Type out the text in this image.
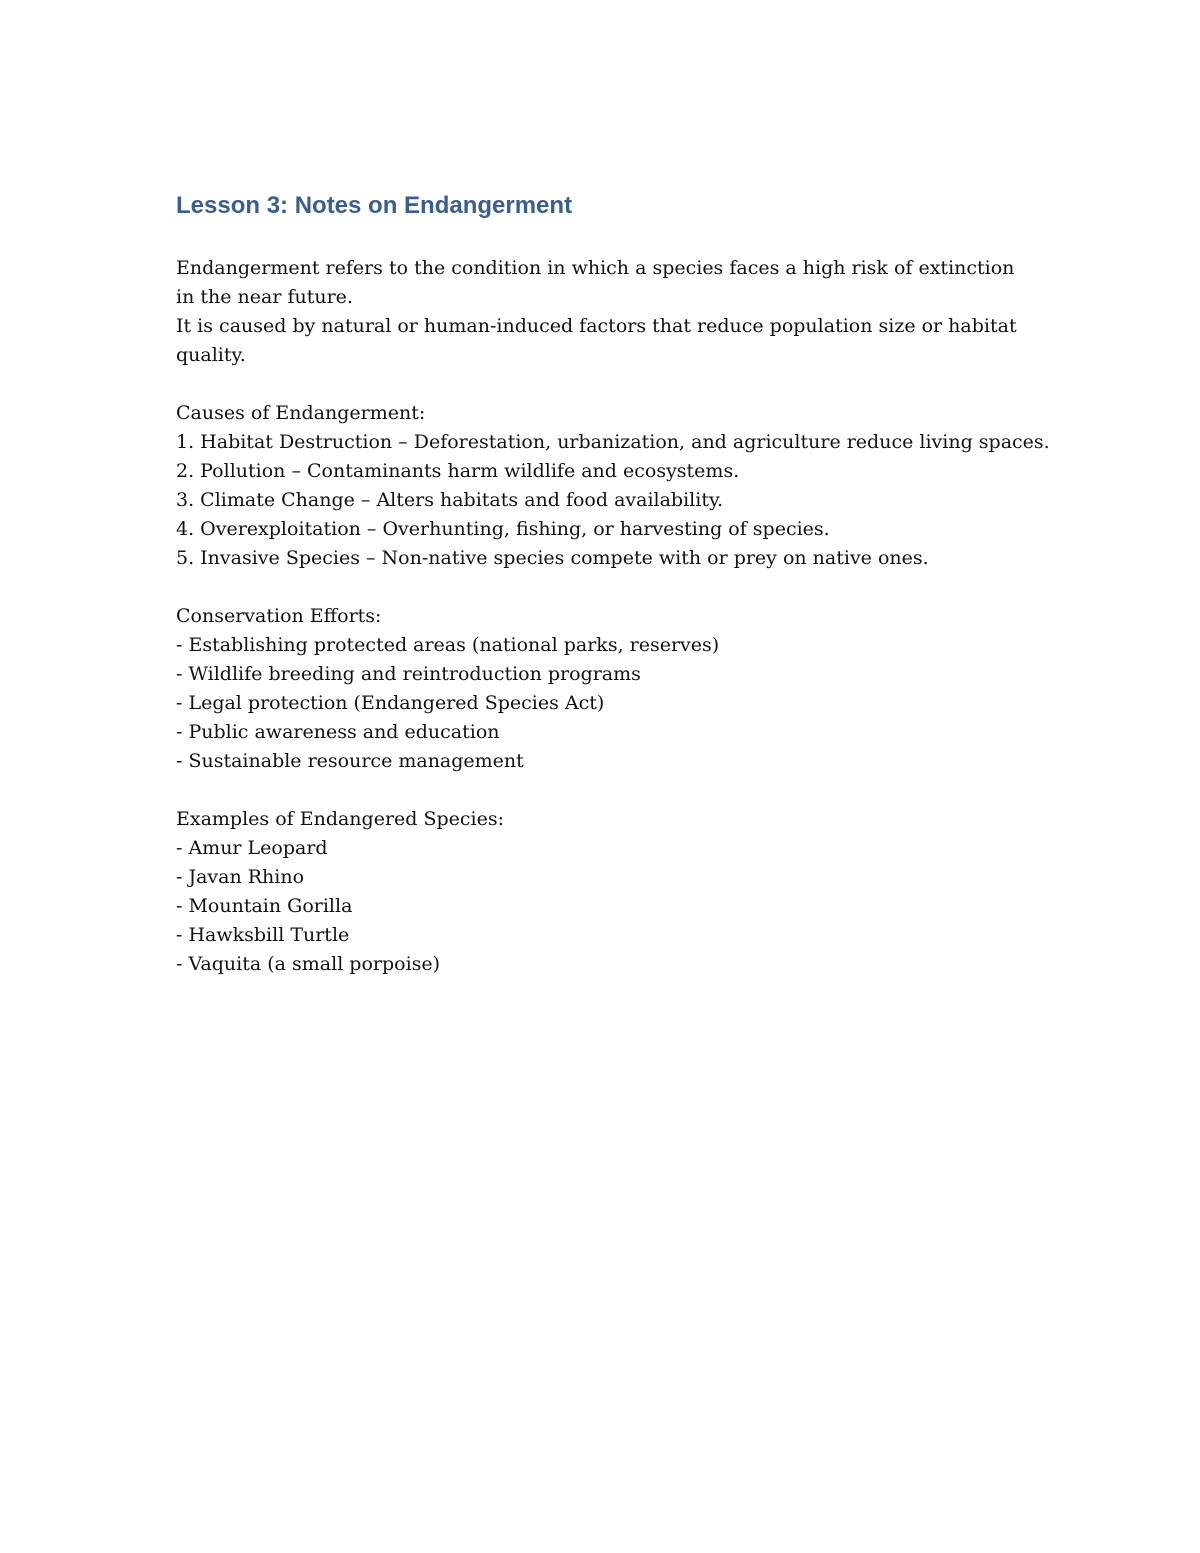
Lesson 3: Notes on Endangerment

Endangerment refers to the condition in which a species faces a high risk of extinction in the near future.

It is caused by natural or human-induced factors that reduce population size or habitat quality.

Causes of Endangerment:

1. Habitat Destruction – Deforestation, urbanization, and agriculture reduce living spaces.
2. Pollution – Contaminants harm wildlife and ecosystems.
3. Climate Change – Alters habitats and food availability.
4. Overexploitation – Overhunting, fishing, or harvesting of species.
5. Invasive Species – Non-native species compete with or prey on native ones.

Conservation Efforts:

- Establishing protected areas (national parks, reserves)
- Wildlife breeding and reintroduction programs
- Legal protection (Endangered Species Act)
- Public awareness and education
- Sustainable resource management

Examples of Endangered Species:

- Amur Leopard
- Javan Rhino
- Mountain Gorilla
- Hawksbill Turtle
- Vaquita (a small porpoise)
